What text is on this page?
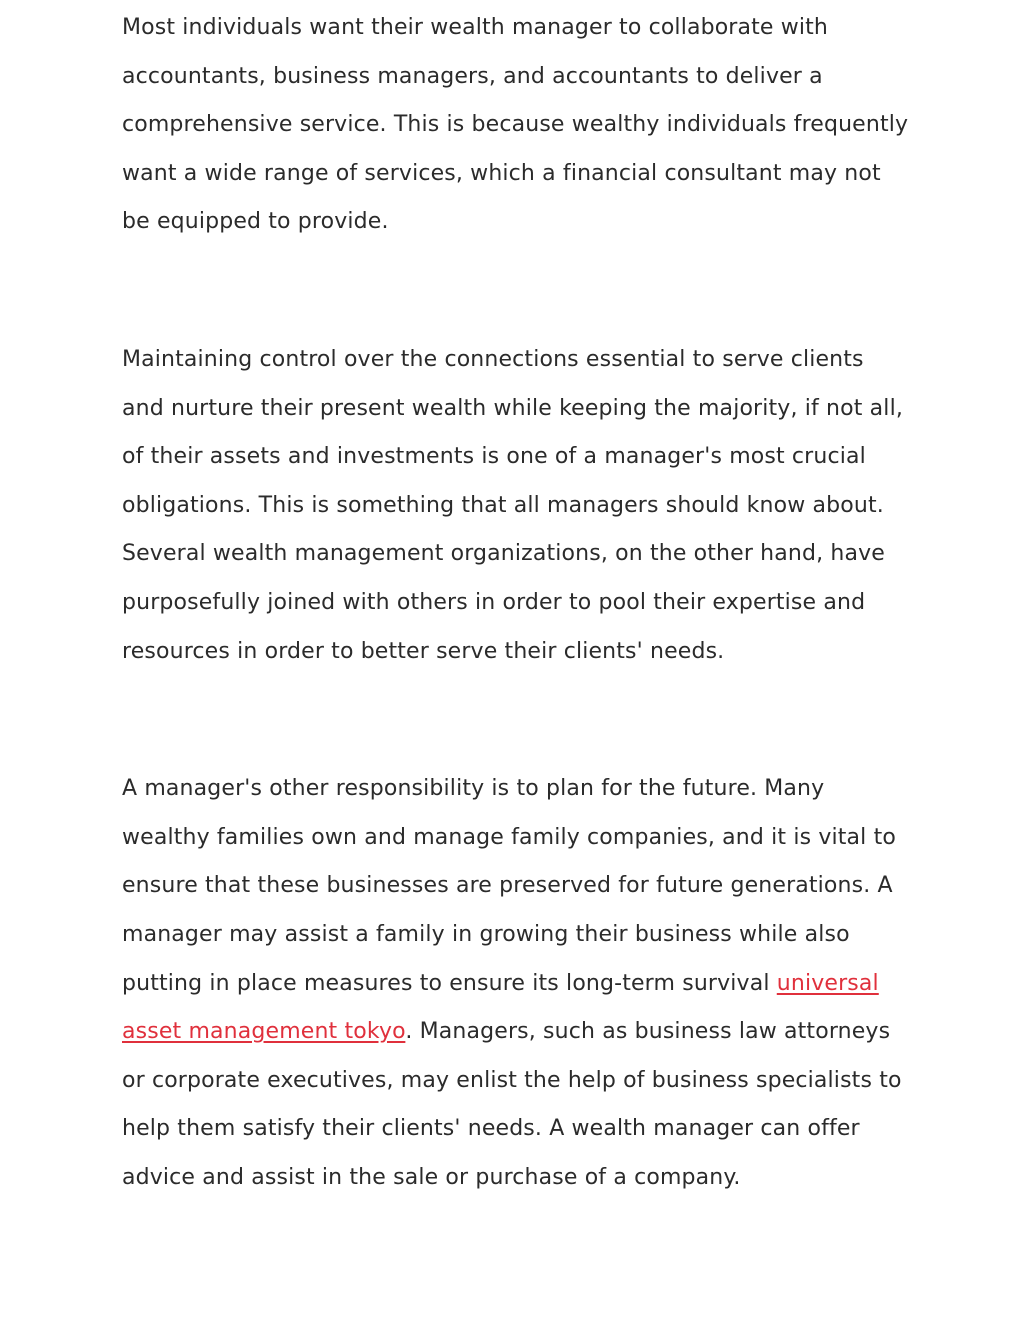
Most individuals want their wealth manager to collaborate with accountants, business managers, and accountants to deliver a comprehensive service. This is because wealthy individuals frequently want a wide range of services, which a financial consultant may not be equipped to provide.

Maintaining control over the connections essential to serve clients and nurture their present wealth while keeping the majority, if not all, of their assets and investments is one of a manager's most crucial obligations. This is something that all managers should know about. Several wealth management organizations, on the other hand, have purposefully joined with others in order to pool their expertise and resources in order to better serve their clients' needs.

A manager's other responsibility is to plan for the future. Many wealthy families own and manage family companies, and it is vital to ensure that these businesses are preserved for future generations. A manager may assist a family in growing their business while also putting in place measures to ensure its long-term survival universal asset management tokyo. Managers, such as business law attorneys or corporate executives, may enlist the help of business specialists to help them satisfy their clients' needs. A wealth manager can offer advice and assist in the sale or purchase of a company.
